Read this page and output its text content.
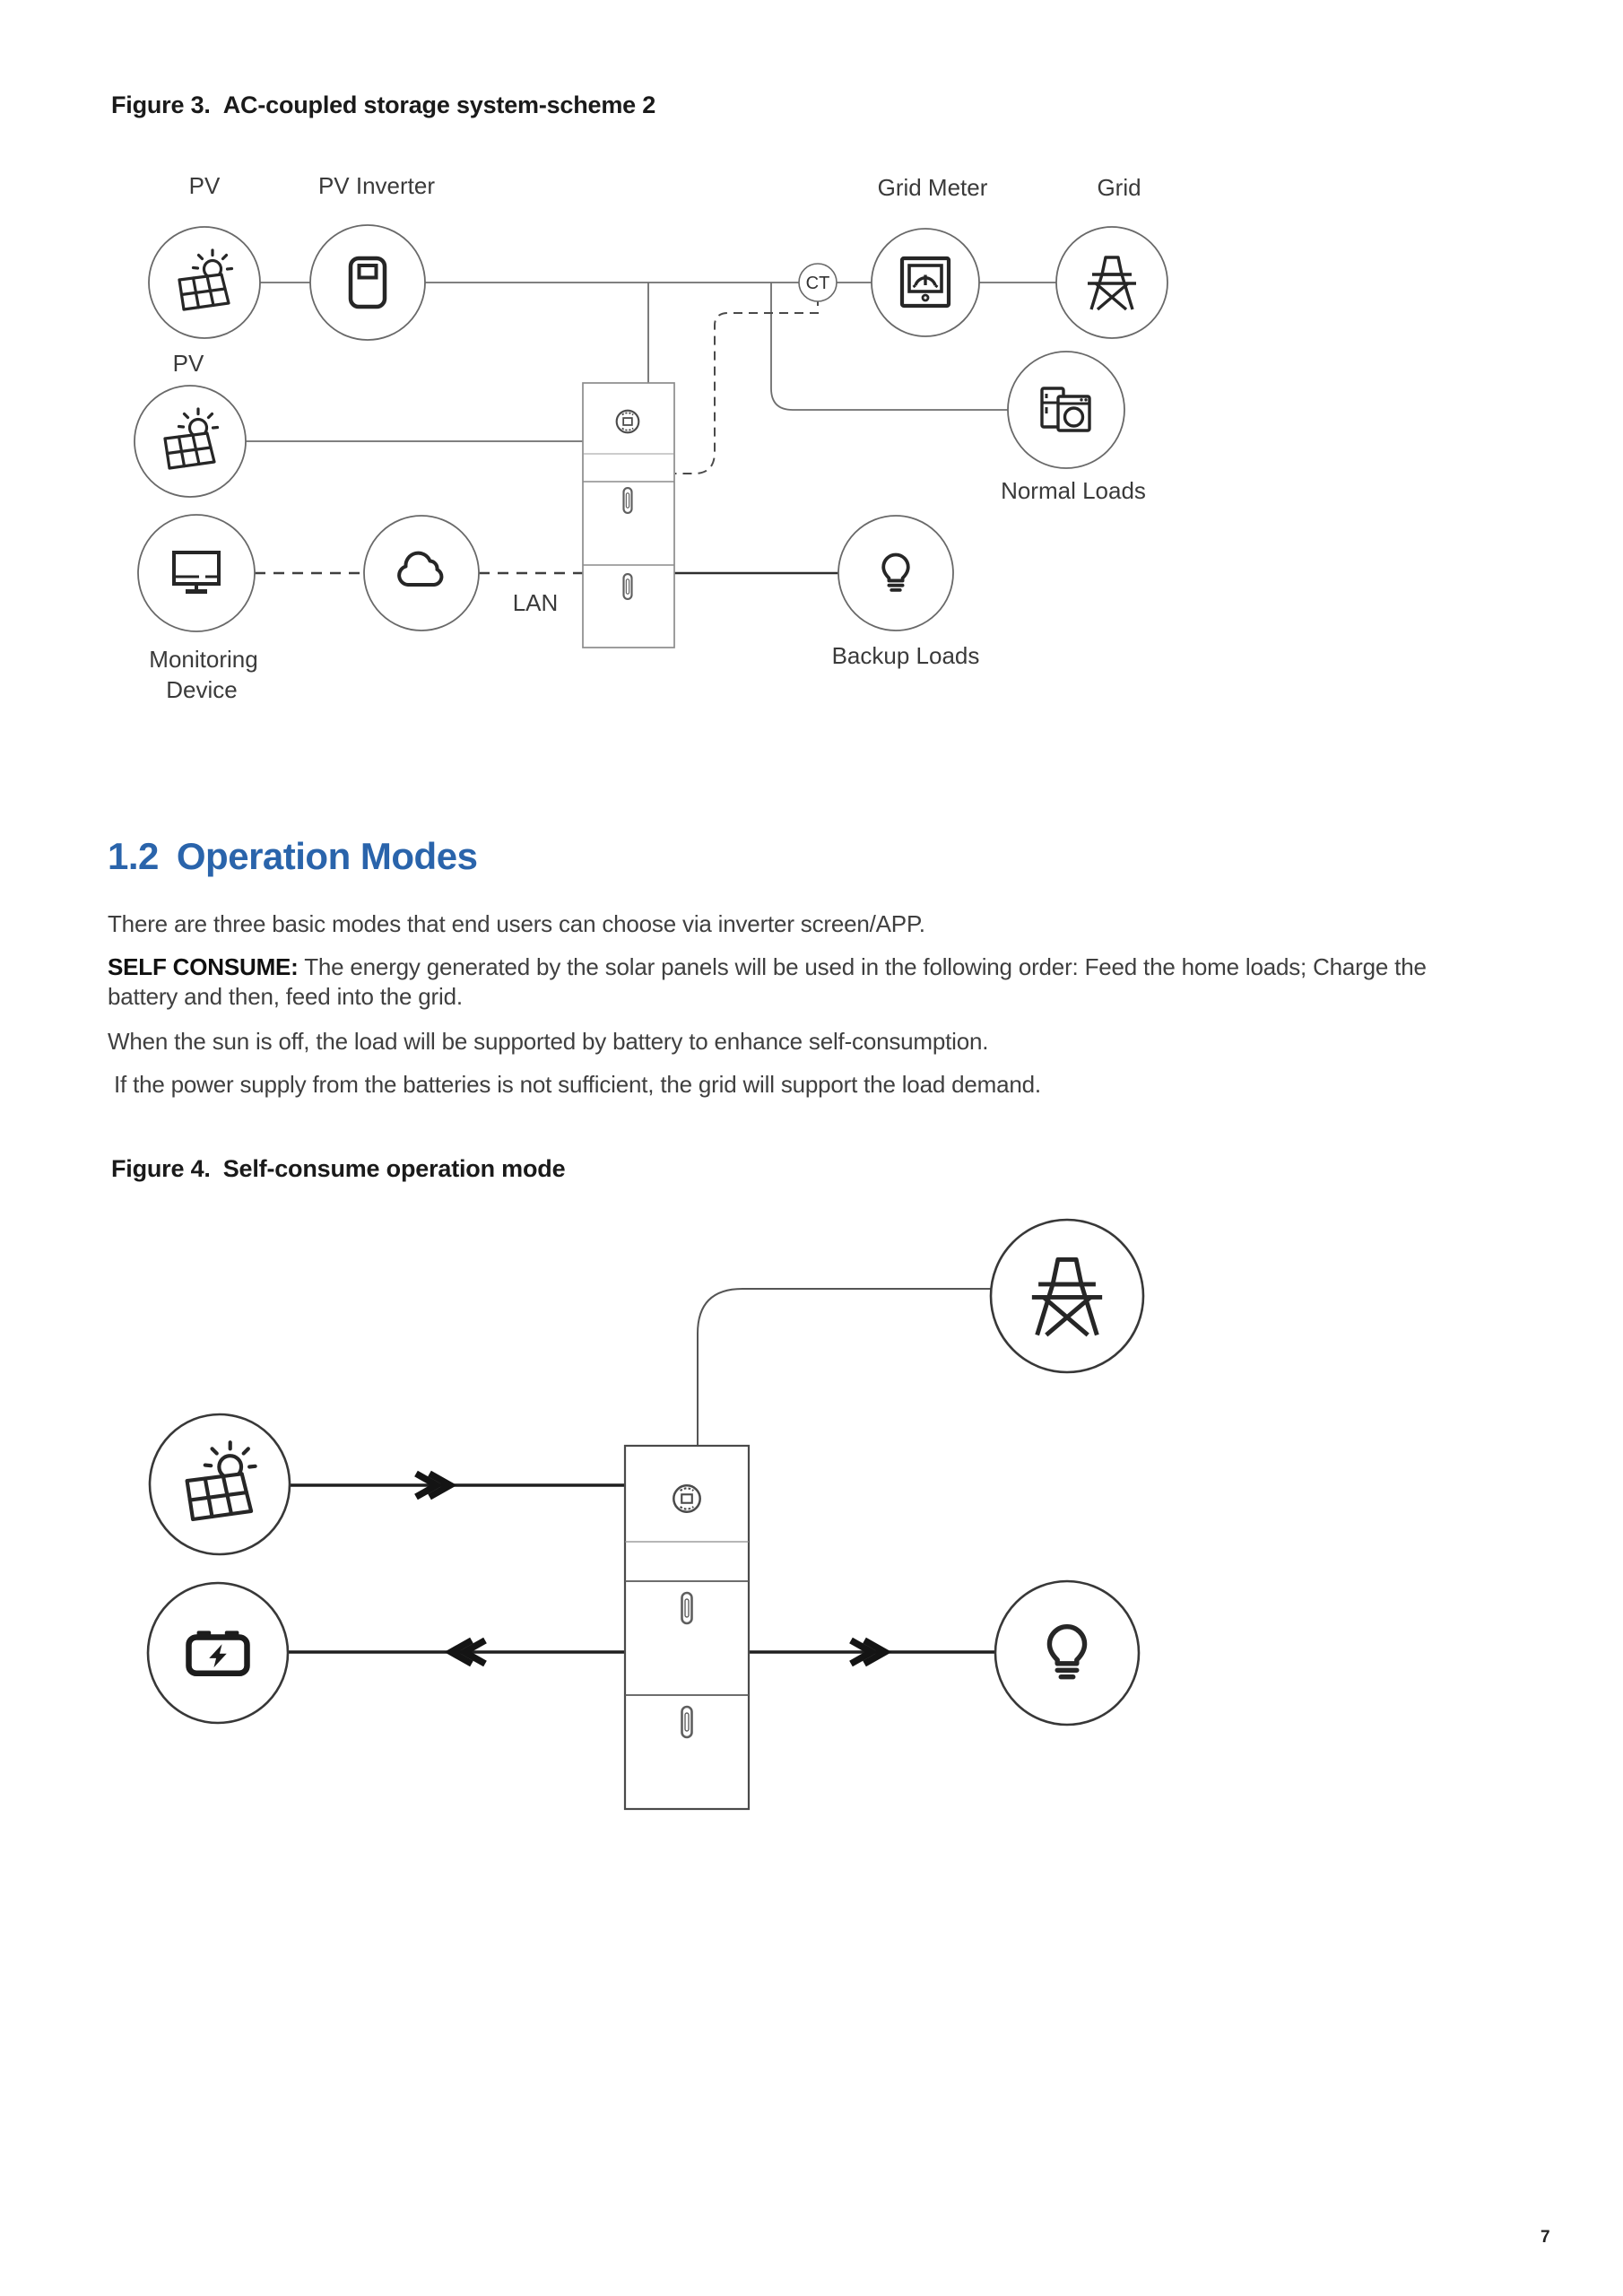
Figure 3. AC-coupled storage system-scheme 2
PV	PV Inverter	Grid Meter	Grid
CT
PV
Normal Loads
Backup Loads
Monitoring
Device
LAN
1.2 Operation Modes

There are three basic modes that end users can choose via inverter screen/APP.

SELF CONSUME: The energy generated by the solar panels will be used in the following order: Feed the home loads; Charge the battery and then, feed into the grid.

When the sun is off, the load will be supported by battery to enhance self-consumption.

If the power supply from the batteries is not sufficient, the grid will support the load demand.

Figure 4. Self-consume operation mode
7
